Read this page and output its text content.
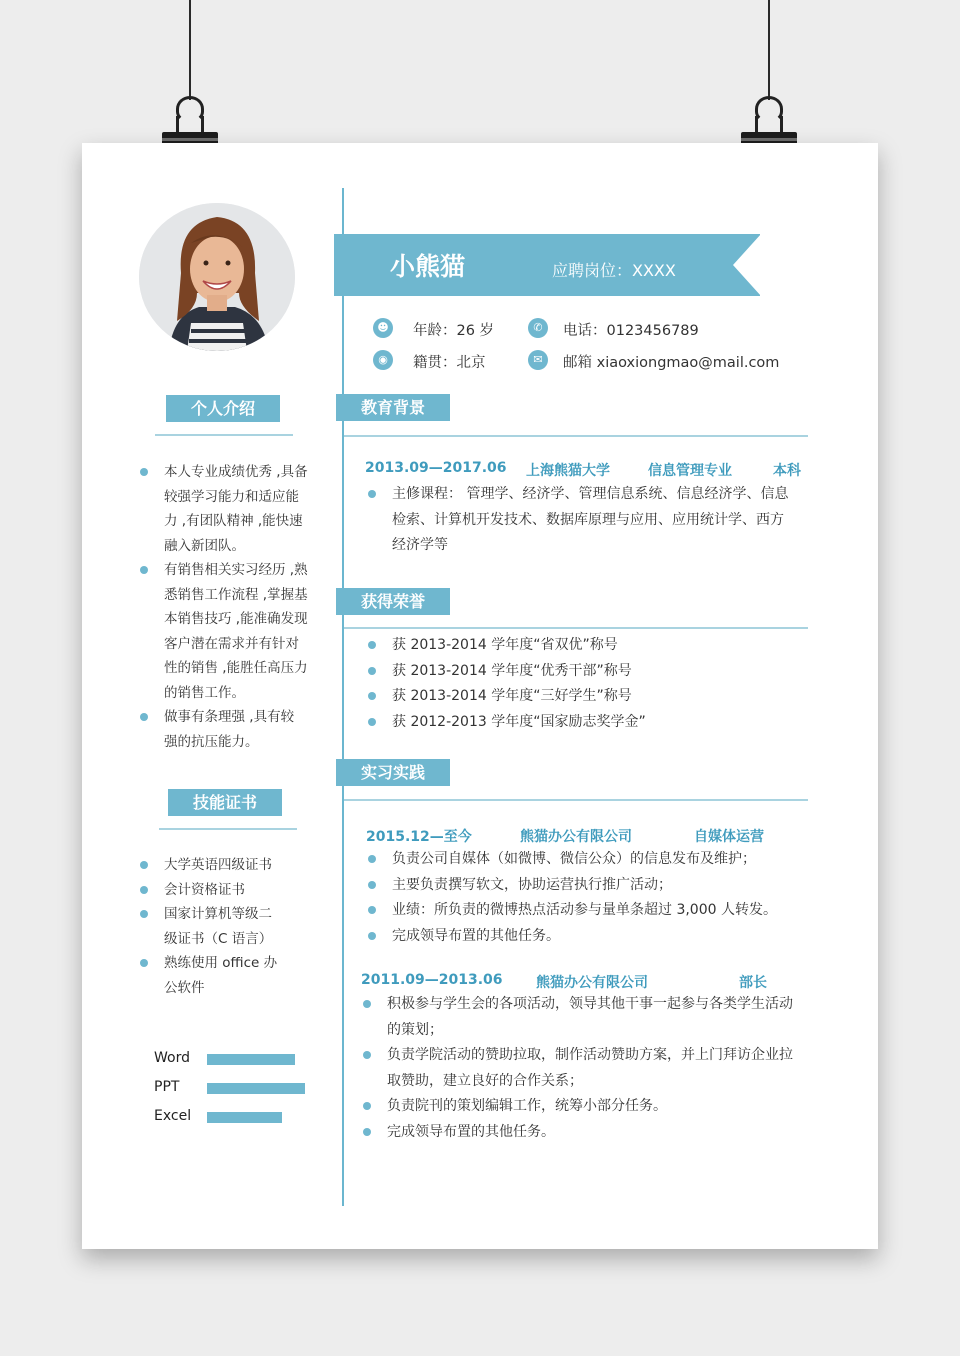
小熊猫	应聘岗位：XXXX
☻ 年龄：26 岁	✆	电话：0123456789
◉	籍贯：北京	✉	邮箱 xiaoxiongmao@mail.com
个人介绍
本人专业成绩优秀 ,具备
较强学习能力和适应能
力 ,有团队精神 ,能快速
融入新团队。
有销售相关实习经历 ,熟
悉销售工作流程 ,掌握基
本销售技巧 ,能准确发现
客户潜在需求并有针对
性的销售 ,能胜任高压力
的销售工作。
做事有条理强 ,具有较
强的抗压能力。
技能证书
大学英语四级证书
会计资格证书
国家计算机等级二
级证书（C 语言）
熟练使用 office 办
公软件
Word
PPT
Excel
教育背景
2013.09—2017.06 上海熊猫大学	信息管理专业	本科
主修课程： 管理学、经济学、管理信息系统、信息经济学、信息
检索、计算机开发技术、数据库原理与应用、应用统计学、西方
经济学等
获得荣誉
获 2013-2014 学年度“省双优”称号
获 2013-2014 学年度“优秀干部”称号
获 2013-2014 学年度“三好学生”称号
获 2012-2013 学年度“国家励志奖学金”
实习实践
2015.12—至今	熊猫办公有限公司	自媒体运营
负责公司自媒体（如微博、微信公众）的信息发布及维护；
主要负责撰写软文，协助运营执行推广活动；
业绩：所负责的微博热点活动参与量单条超过 3,000 人转发。
完成领导布置的其他任务。
2011.09—2013.06 熊猫办公有限公司	部长
积极参与学生会的各项活动，领导其他干事一起参与各类学生活动
的策划；
负责学院活动的赞助拉取，制作活动赞助方案，并上门拜访企业拉
取赞助，建立良好的合作关系；
负责院刊的策划编辑工作，统筹小部分任务。
完成领导布置的其他任务。
